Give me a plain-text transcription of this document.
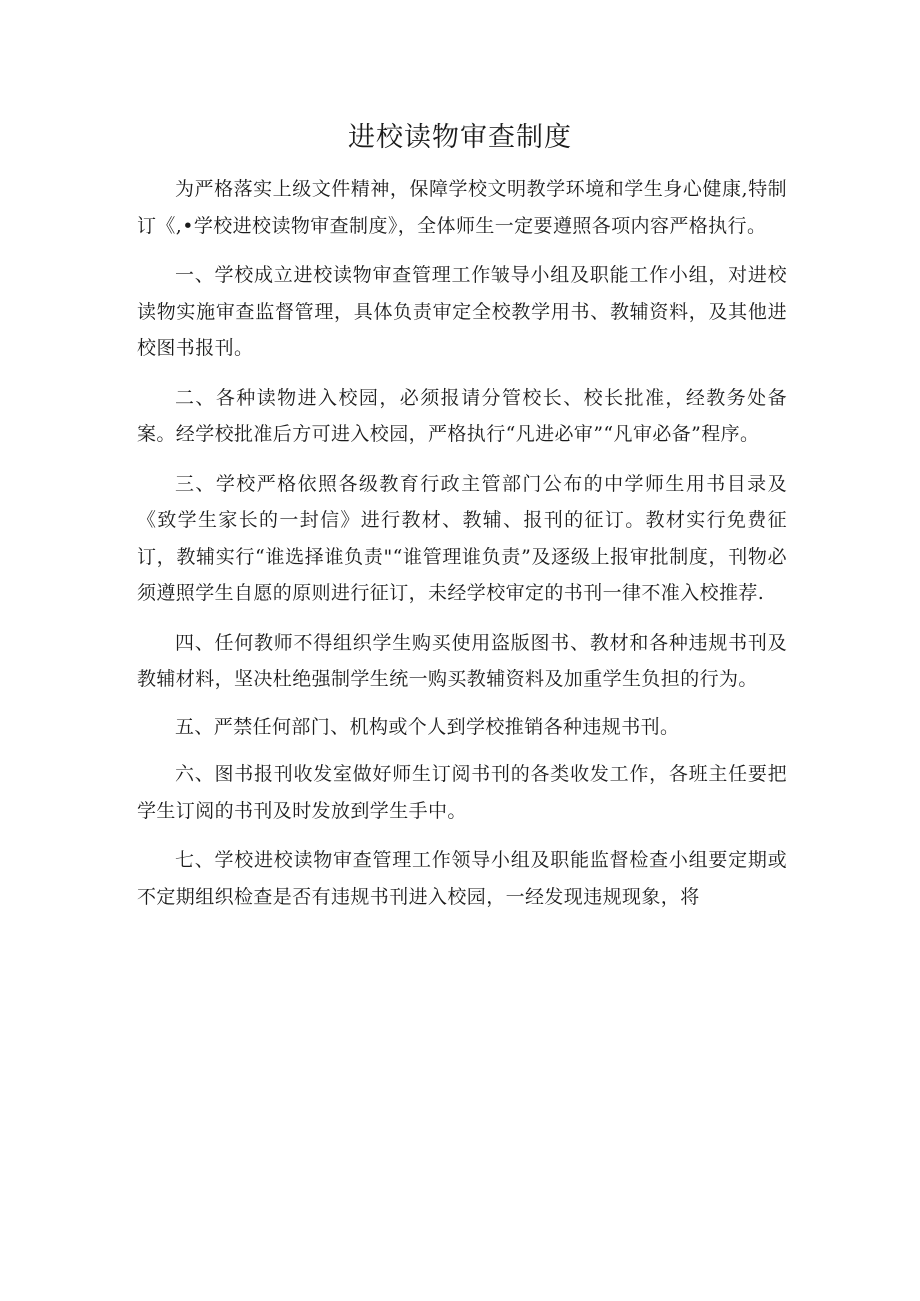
进校读物审查制度

为严格落实上级文件精神，保障学校文明教学环境和学生身心健康,特制订《,•学校进校读物审查制度》，全体师生一定要遵照各项内容严格执行。

一、学校成立进校读物审查管理工作皱导小组及职能工作小组，对进校读物实施审查监督管理，具体负责审定全校教学用书、教辅资料，及其他进校图书报刊。

二、各种读物进入校园，必须报请分管校长、校长批准，经教务处备案。经学校批准后方可进入校园，严格执行“凡进必审”“凡审必备”程序。

三、学校严格依照各级教育行政主管部门公布的中学师生用书目录及《致学生家长的一封信》进行教材、教辅、报刊的征订。教材实行免费征订，教辅实行“谁选择谁负责"“谁管理谁负责”及逐级上报审批制度，刊物必须遵照学生自愿的原则进行征订，未经学校审定的书刊一律不准入校推荐.

四、任何教师不得组织学生购买使用盗版图书、教材和各种违规书刊及教辅材料，坚决杜绝强制学生统一购买教辅资料及加重学生负担的行为。

五、严禁任何部门、机构或个人到学校推销各种违规书刊。

六、图书报刊收发室做好师生订阅书刊的各类收发工作，各班主任要把学生订阅的书刊及时发放到学生手中。

七、学校进校读物审查管理工作领导小组及职能监督检查小组要定期或不定期组织检查是否有违规书刊进入校园，一经发现违规现象，将
